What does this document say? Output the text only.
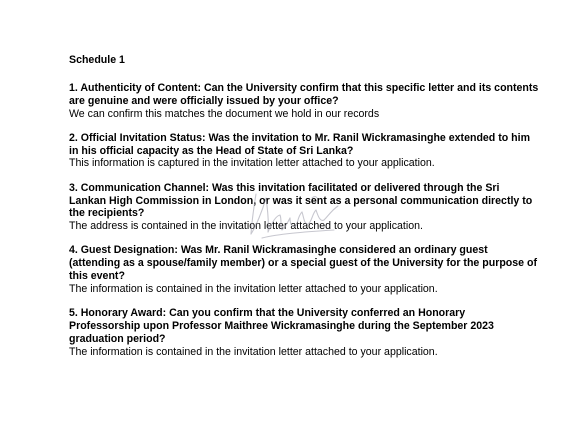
Schedule 1

1. Authenticity of Content: Can the University confirm that this specific letter and its contents are genuine and were officially issued by your office?

We can confirm this matches the document we hold in our records

2. Official Invitation Status: Was the invitation to Mr. Ranil Wickramasinghe extended to him in his official capacity as the Head of State of Sri Lanka?

This information is captured in the invitation letter attached to your application.

3. Communication Channel: Was this invitation facilitated or delivered through the Sri Lankan High Commission in London, or was it sent as a personal communication directly to the recipients?

The address is contained in the invitation letter attached to your application.

4. Guest Designation: Was Mr. Ranil Wickramasinghe considered an ordinary guest (attending as a spouse/family member) or a special guest of the University for the purpose of this event?

The information is contained in the invitation letter attached to your application.

5. Honorary Award: Can you confirm that the University conferred an Honorary Professorship upon Professor Maithree Wickramasinghe during the September 2023 graduation period?

The information is contained in the invitation letter attached to your application.
